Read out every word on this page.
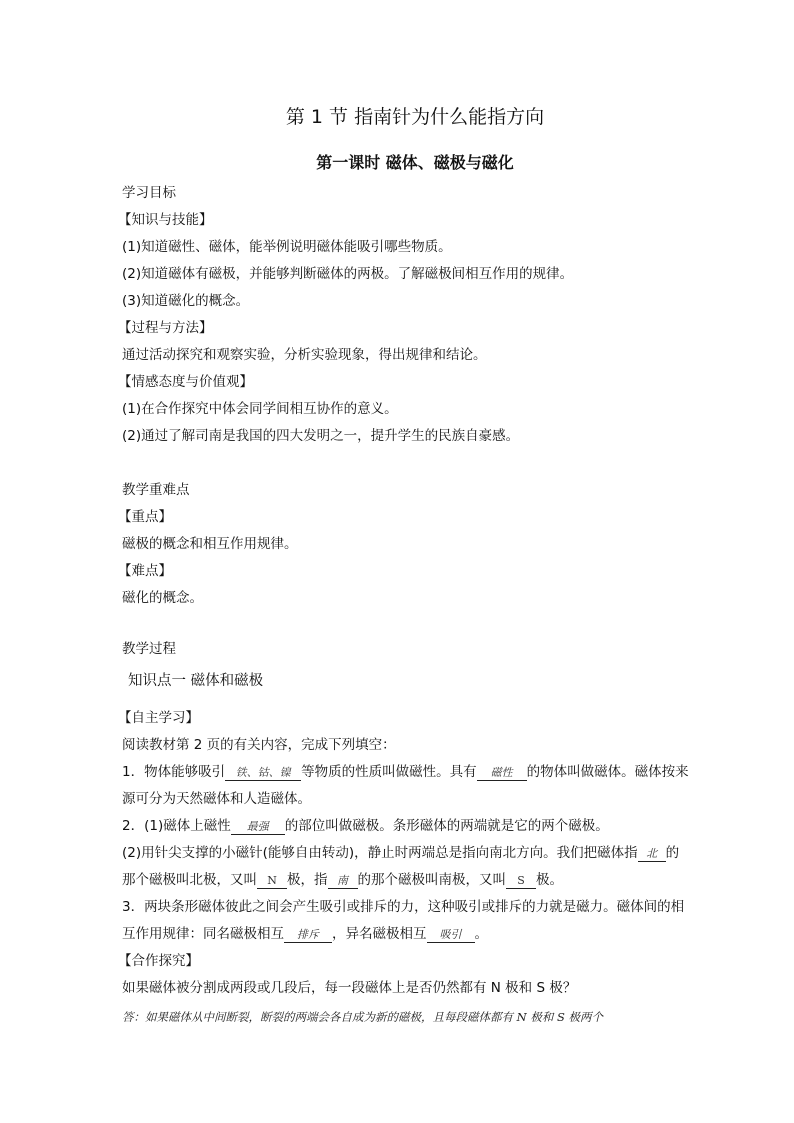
第 1 节 指南针为什么能指方向
第一课时 磁体、磁极与磁化
学习目标
【知识与技能】
(1)知道磁性、磁体，能举例说明磁体能吸引哪些物质。
(2)知道磁体有磁极，并能够判断磁体的两极。了解磁极间相互作用的规律。
(3)知道磁化的概念。
【过程与方法】
通过活动探究和观察实验，分析实验现象，得出规律和结论。
【情感态度与价值观】
(1)在合作探究中体会同学间相互协作的意义。
(2)通过了解司南是我国的四大发明之一，提升学生的民族自豪感。
教学重难点
【重点】
磁极的概念和相互作用规律。
【难点】
磁化的概念。
教学过程
知识点一 磁体和磁极
【自主学习】
阅读教材第 2 页的有关内容，完成下列填空：
1．物体能够吸引 铁、钴、镍 等物质的性质叫做磁性。具有 磁性 的物体叫做磁体。磁体按来
源可分为天然磁体和人造磁体。
2．(1)磁体上磁性 最强 的部位叫做磁极。条形磁体的两端就是它的两个磁极。
(2)用针尖支撑的小磁针(能够自由转动)，静止时两端总是指向南北方向。我们把磁体指 北 的
那个磁极叫北极，又叫 N 极，指 南 的那个磁极叫南极，又叫 S 极。
3．两块条形磁体彼此之间会产生吸引或排斥的力，这种吸引或排斥的力就是磁力。磁体间的相
互作用规律：同名磁极相互 排斥 ，异名磁极相互 吸引 。
【合作探究】
如果磁体被分割成两段或几段后，每一段磁体上是否仍然都有 N 极和 S 极？
答：如果磁体从中间断裂，断裂的两端会各自成为新的磁极，且每段磁体都有 N 极和 S 极两个
